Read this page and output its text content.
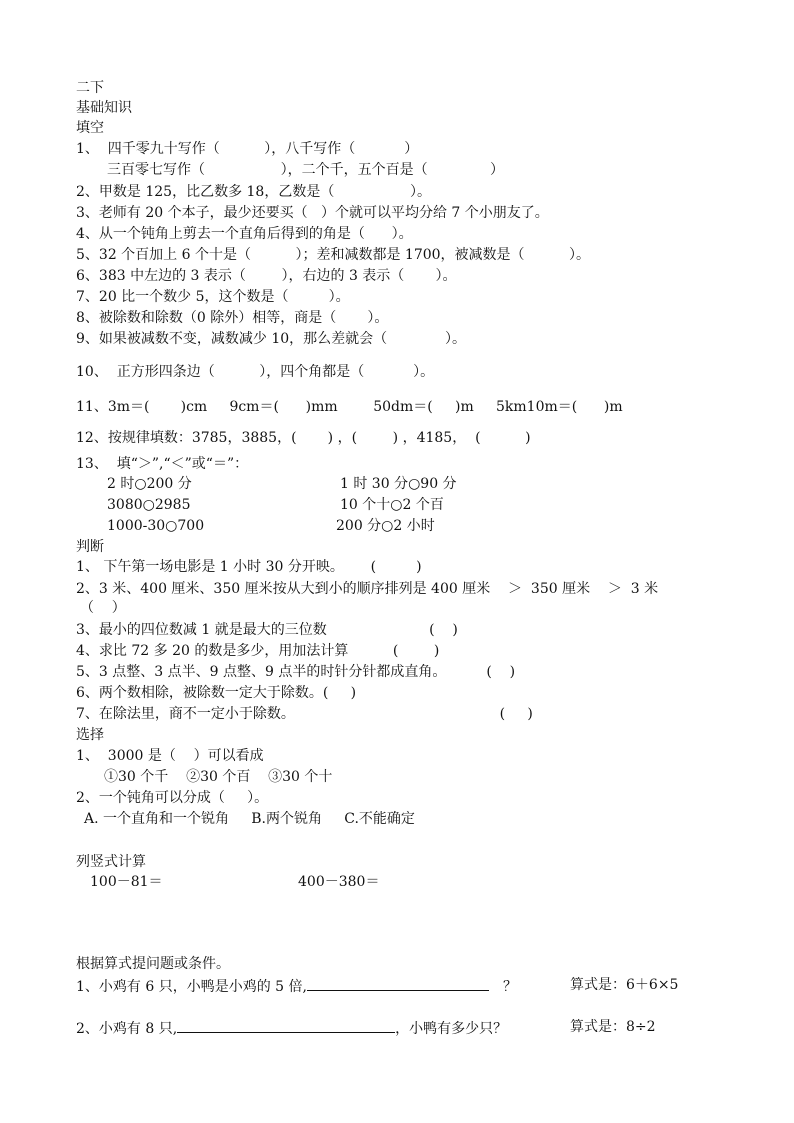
二下
基础知识
填空
1、  四千零九十写作（          ），八千写作（           ）
三百零七写作（                 ），二个千，五个百是（              ）
2、甲数是 125，比乙数多 18，乙数是（                 ）。
3、老师有 20 个本子，最少还要买（   ）个就可以平均分给 7 个小朋友了。
4、从一个钝角上剪去一个直角后得到的角是（      ）。
5、32 个百加上 6 个十是（          ）；差和减数都是 1700，被减数是（          ）。
6、383 中左边的 3 表示（        ），右边的 3 表示（       ）。
7、20 比一个数少 5，这个数是（         ）。
8、被除数和除数（0 除外）相等，商是（       ）。
9、如果被减数不变，减数减少 10，那么差就会（             ）。
10、  正方形四条边（          ），四个角都是（           ）。
11、3m＝(       )cm     9cm＝(      )mm        50dm＝(     )m     5km10m＝(      )m
12、按规律填数：3785，3885，(       ) ，(        ) ，4185，  (          )
13、  填“＞”,“＜”或“＝”：
2 时○200 分	1 时 30 分○90 分
3080○2985	10 个十○2 个百
1000-30○700	200 分○2 小时
判断
1、 下午第一场电影是 1 小时 30 分开映。      (         )
2、3 米、400 厘米、350 厘米按从大到小的顺序排列是 400 厘米    ＞  350 厘米    ＞  3 米
（    ）
3、最小的四位数减 1 就是最大的三位数                       (    )
4、求比 72 多 20 的数是多少，用加法计算          (        )
5、3 点整、3 点半、9 点整、9 点半的时针分针都成直角。         (    )
6、两个数相除，被除数一定大于除数。(     )
7、在除法里，商不一定小于除数。                                              (     )
选择
1、  3000 是（    ）可以看成
①30 个千    ②30 个百    ③30 个十
2、一个钝角可以分成（     ）。
A. 一个直角和一个锐角     B.两个锐角     C.不能确定
列竖式计算
100－81＝	400－380＝
根据算式提问题或条件。
1、小鸡有 6 只，小鸭是小鸡的 5 倍,	？	算式是：6＋6×5
2、小鸡有 8 只,	，小鸭有多少只？	算式是：8÷2
